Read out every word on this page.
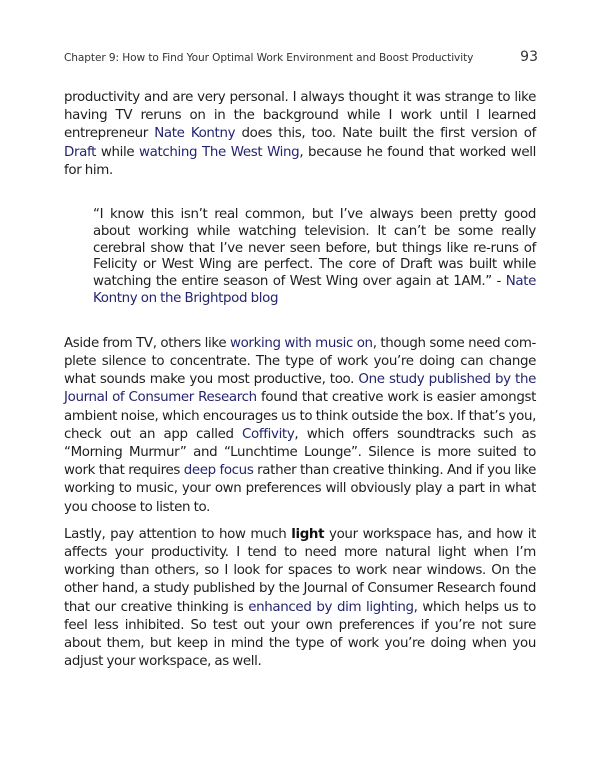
Chapter 9: How to Find Your Optimal Work Environment and Boost Productivity	93

productivity and are very personal. I always thought it was strange to like having TV reruns on in the background while I work until I learned entrepreneur Nate Kontny does this, too. Nate built the first version of Draft while watching The West Wing, because he found that worked well for him.

“I know this isn’t real common, but I’ve always been pretty good about working while watching television. It can’t be some really cerebral show that I’ve never seen before, but things like re-runs of Felicity or West Wing are perfect. The core of Draft was built while watching the entire season of West Wing over again at 1AM.” - Nate Kontny on the Brightpod blog

Aside from TV, others like working with music on, though some need com-plete silence to concentrate. The type of work you’re doing can change what sounds make you most productive, too. One study published by the Journal of Consumer Research found that creative work is easier amongst ambient noise, which encourages us to think outside the box. If that’s you, check out an app called Coffivity, which offers soundtracks such as “Morning Murmur” and “Lunchtime Lounge”. Silence is more suited to work that requires deep focus rather than creative thinking. And if you like working to music, your own preferences will obviously play a part in what you choose to listen to.

Lastly, pay attention to how much light your workspace has, and how it affects your productivity. I tend to need more natural light when I’m working than others, so I look for spaces to work near windows. On the other hand, a study published by the Journal of Consumer Research found that our creative thinking is enhanced by dim lighting, which helps us to feel less inhibited. So test out your own preferences if you’re not sure about them, but keep in mind the type of work you’re doing when you adjust your workspace, as well.
